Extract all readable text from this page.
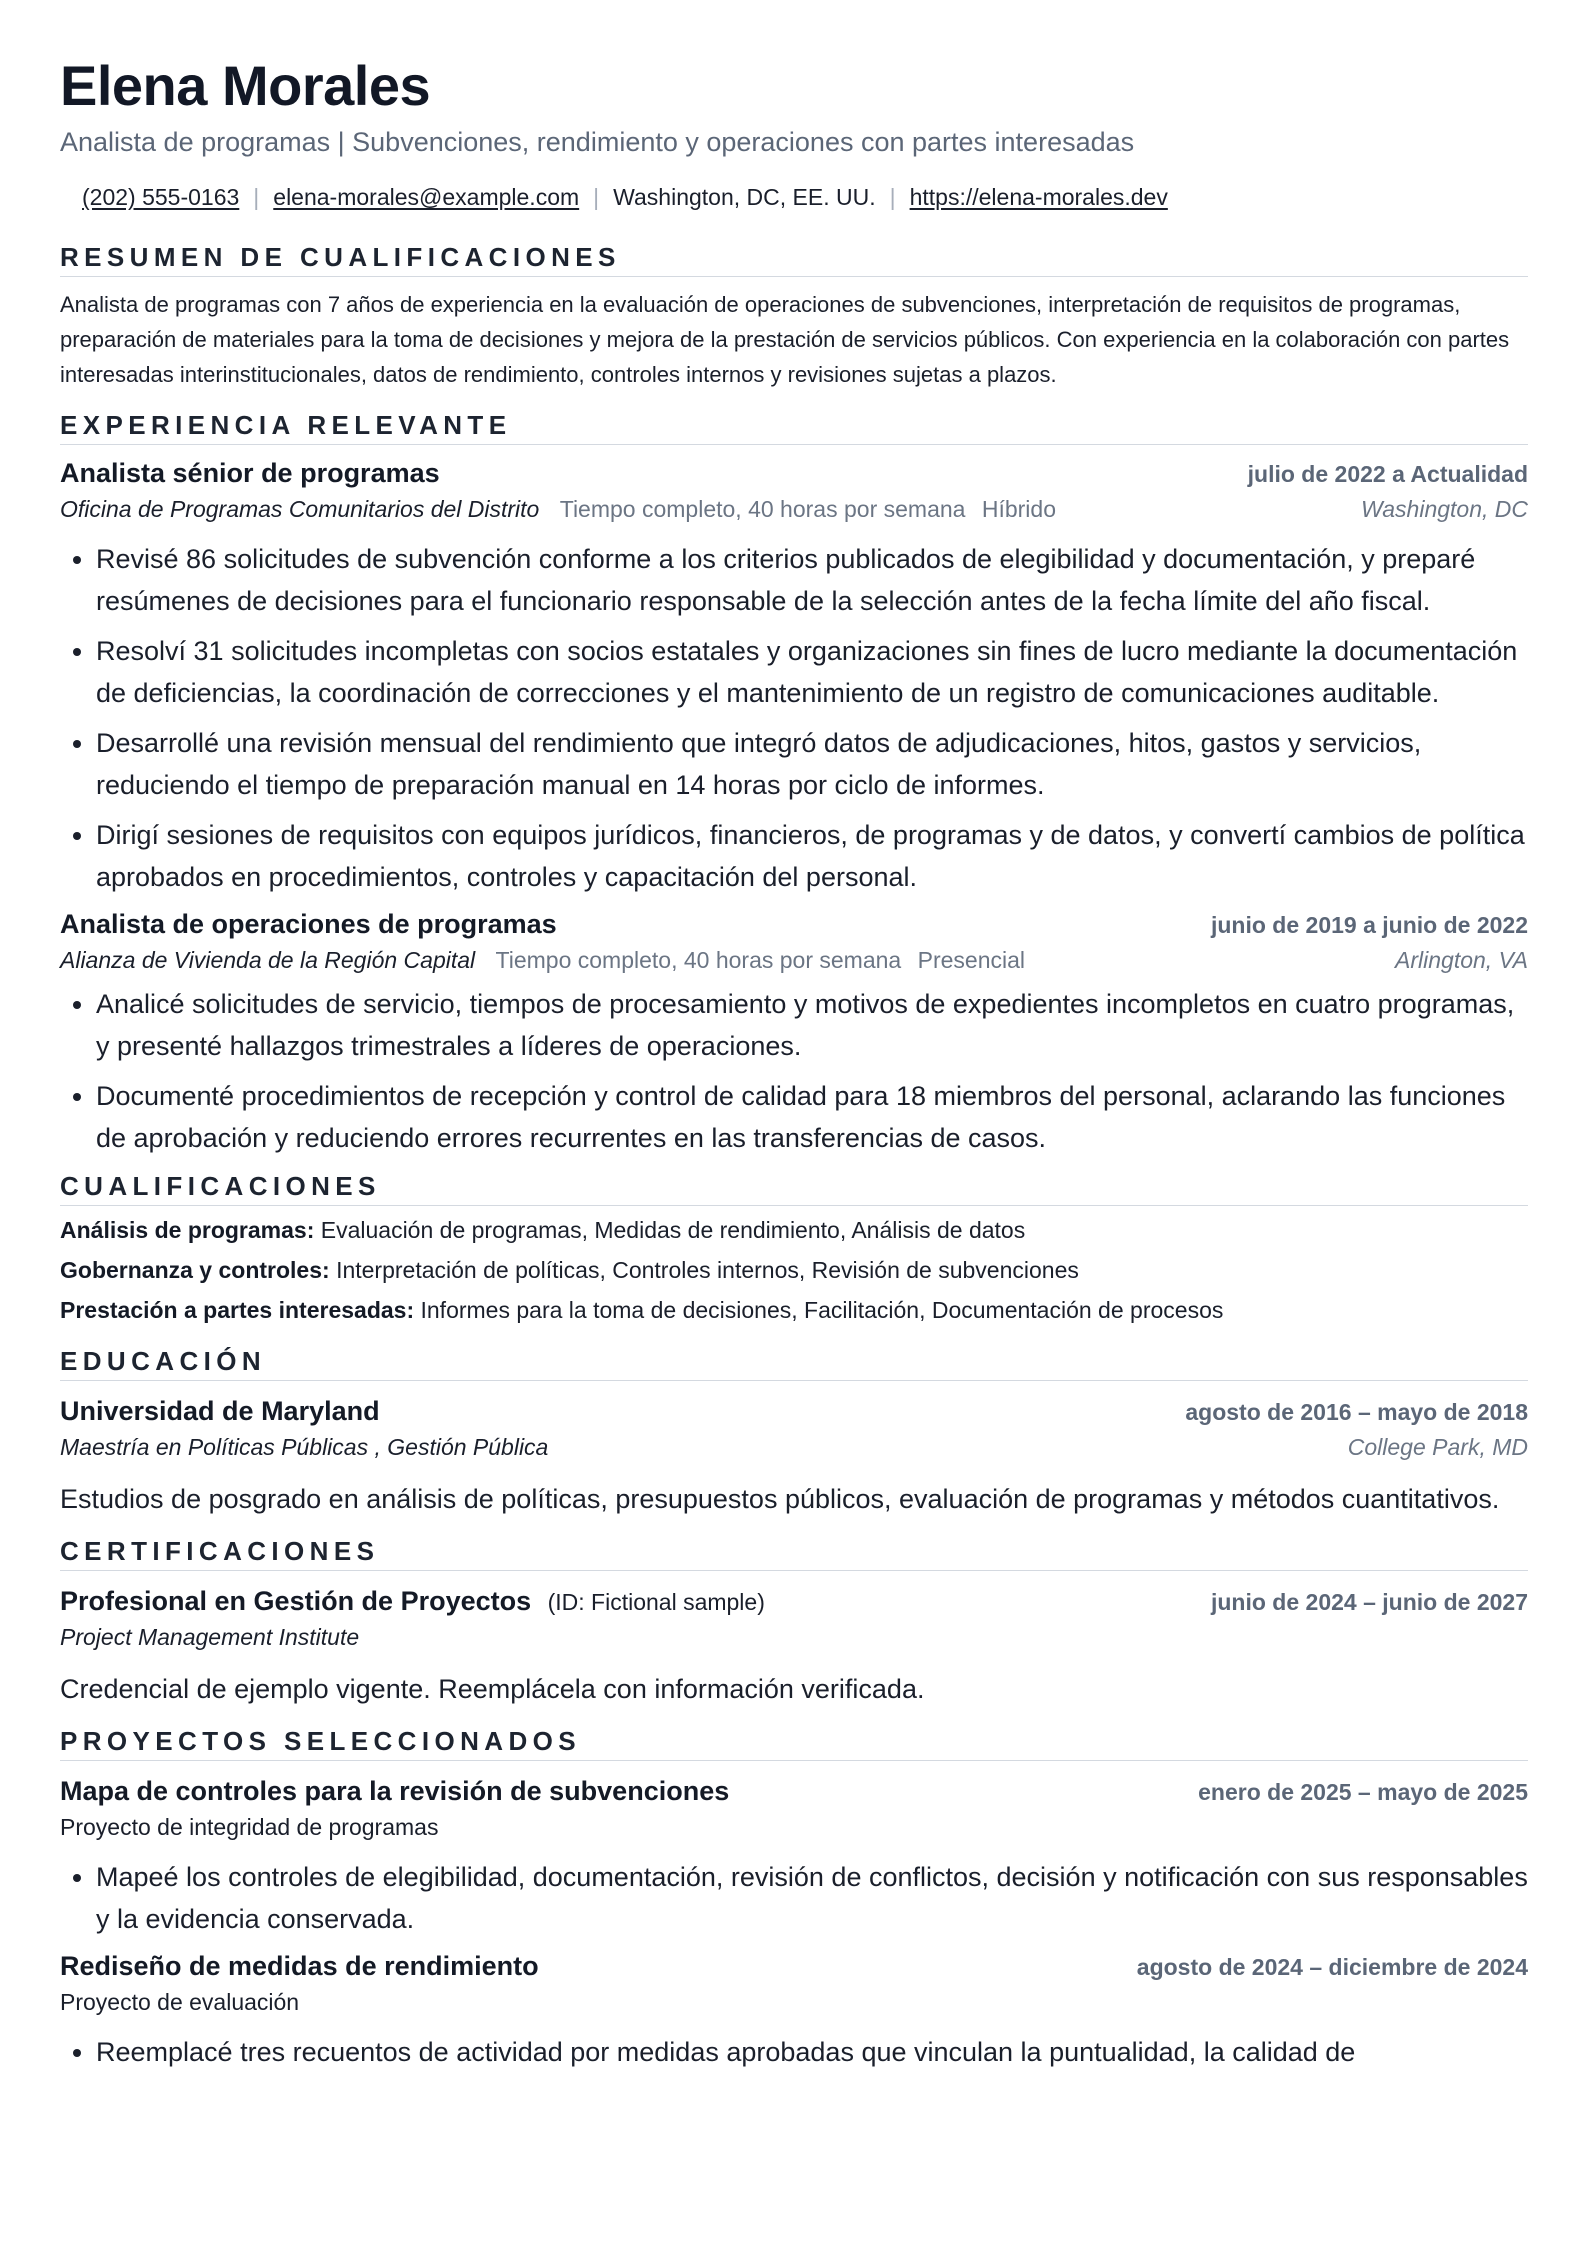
Elena Morales
Analista de programas | Subvenciones, rendimiento y operaciones con partes interesadas
(202) 555-0163 | elena-morales@example.com | Washington, DC, EE. UU. | https://elena-morales.dev
RESUMEN DE CUALIFICACIONES
Analista de programas con 7 años de experiencia en la evaluación de operaciones de subvenciones, interpretación de requisitos de programas, preparación de materiales para la toma de decisiones y mejora de la prestación de servicios públicos. Con experiencia en la colaboración con partes interesadas interinstitucionales, datos de rendimiento, controles internos y revisiones sujetas a plazos.
EXPERIENCIA RELEVANTE
Analista sénior de programas	julio de 2022 a Actualidad
Oficina de Programas Comunitarios del Distrito Tiempo completo, 40 horas por semana Híbrido	Washington, DC
• Revisé 86 solicitudes de subvención conforme a los criterios publicados de elegibilidad y documentación, y preparé resúmenes de decisiones para el funcionario responsable de la selección antes de la fecha límite del año fiscal.
• Resolví 31 solicitudes incompletas con socios estatales y organizaciones sin fines de lucro mediante la documentación de deficiencias, la coordinación de correcciones y el mantenimiento de un registro de comunicaciones auditable.
• Desarrollé una revisión mensual del rendimiento que integró datos de adjudicaciones, hitos, gastos y servicios, reduciendo el tiempo de preparación manual en 14 horas por ciclo de informes.
• Dirigí sesiones de requisitos con equipos jurídicos, financieros, de programas y de datos, y convertí cambios de política aprobados en procedimientos, controles y capacitación del personal.
Analista de operaciones de programas	junio de 2019 a junio de 2022
Alianza de Vivienda de la Región Capital Tiempo completo, 40 horas por semana Presencial	Arlington, VA
• Analicé solicitudes de servicio, tiempos de procesamiento y motivos de expedientes incompletos en cuatro programas, y presenté hallazgos trimestrales a líderes de operaciones.
• Documenté procedimientos de recepción y control de calidad para 18 miembros del personal, aclarando las funciones de aprobación y reduciendo errores recurrentes en las transferencias de casos.
CUALIFICACIONES
Análisis de programas: Evaluación de programas, Medidas de rendimiento, Análisis de datos
Gobernanza y controles: Interpretación de políticas, Controles internos, Revisión de subvenciones
Prestación a partes interesadas: Informes para la toma de decisiones, Facilitación, Documentación de procesos
EDUCACIÓN
Universidad de Maryland	agosto de 2016 – mayo de 2018
Maestría en Políticas Públicas , Gestión Pública	College Park, MD
Estudios de posgrado en análisis de políticas, presupuestos públicos, evaluación de programas y métodos cuantitativos.
CERTIFICACIONES
Profesional en Gestión de Proyectos (ID: Fictional sample)	junio de 2024 – junio de 2027
Project Management Institute
Credencial de ejemplo vigente. Reemplácela con información verificada.
PROYECTOS SELECCIONADOS
Mapa de controles para la revisión de subvenciones	enero de 2025 – mayo de 2025
Proyecto de integridad de programas
• Mapeé los controles de elegibilidad, documentación, revisión de conflictos, decisión y notificación con sus responsables y la evidencia conservada.
Rediseño de medidas de rendimiento	agosto de 2024 – diciembre de 2024
Proyecto de evaluación
• Reemplacé tres recuentos de actividad por medidas aprobadas que vinculan la puntualidad, la calidad de
